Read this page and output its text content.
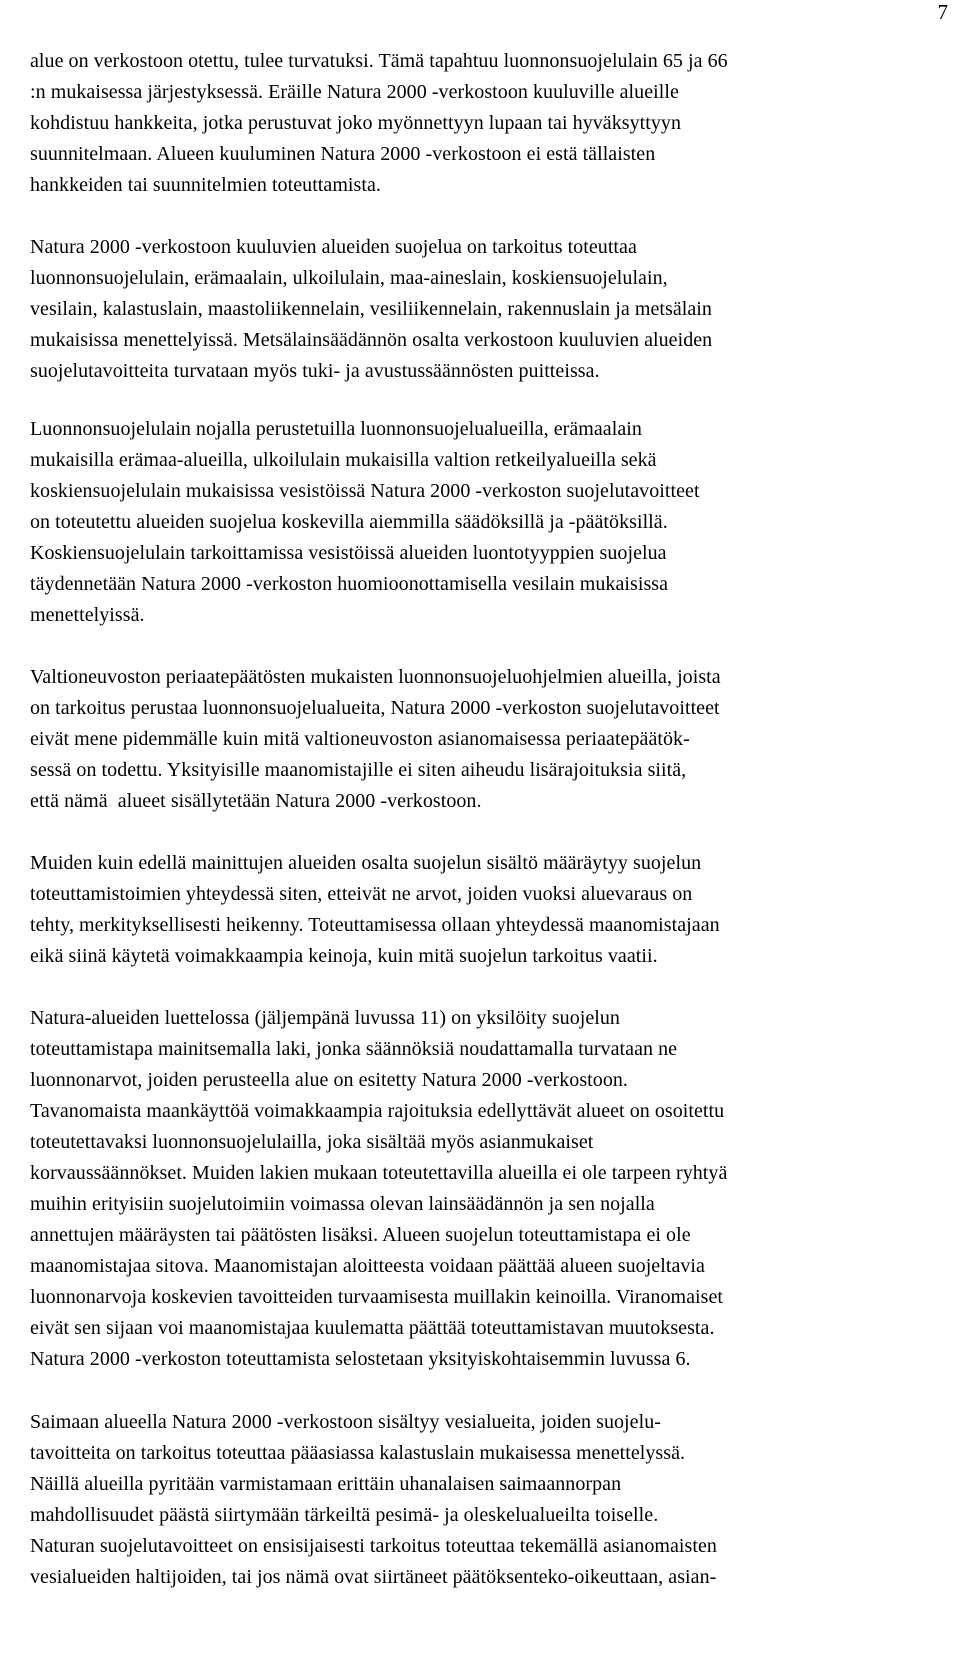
7
alue on verkostoon otettu, tulee turvatuksi. Tämä tapahtuu luonnonsuojelulain 65 ja 66
:n mukaisessa järjestyksessä. Eräille Natura 2000 -verkostoon kuuluville alueille
kohdistuu hankkeita, jotka perustuvat joko myönnettyyn lupaan tai hyväksyttyyn
suunnitelmaan. Alueen kuuluminen Natura 2000 -verkostoon ei estä tällaisten
hankkeiden tai suunnitelmien toteuttamista.
Natura 2000 -verkostoon kuuluvien alueiden suojelua on tarkoitus toteuttaa
luonnonsuojelulain, erämaalain, ulkoilulain, maa-aineslain, koskiensuojelulain,
vesilain, kalastuslain, maastoliikennelain, vesiliikennelain, rakennuslain ja metsälain
mukaisissa menettelyissä. Metsälainsäädännön osalta verkostoon kuuluvien alueiden
suojelutavoitteita turvataan myös tuki- ja avustussäännösten puitteissa.
Luonnonsuojelulain nojalla perustetuilla luonnonsuojelualueilla, erämaalain
mukaisilla erämaa-alueilla, ulkoilulain mukaisilla valtion retkeilyalueilla sekä
koskiensuojelulain mukaisissa vesistöissä Natura 2000 -verkoston suojelutavoitteet
on toteutettu alueiden suojelua koskevilla aiemmilla säädöksillä ja -päätöksillä.
Koskiensuojelulain tarkoittamissa vesistöissä alueiden luontotyyppien suojelua
täydennetään Natura 2000 -verkoston huomioonottamisella vesilain mukaisissa
menettelyissä.
Valtioneuvoston periaatepäätösten mukaisten luonnonsuojeluohjelmien alueilla, joista
on tarkoitus perustaa luonnonsuojelualueita, Natura 2000 -verkoston suojelutavoitteet
eivät mene pidemmälle kuin mitä valtioneuvoston asianomaisessa periaatepäätök-
sessä on todettu. Yksityisille maanomistajille ei siten aiheudu lisärajoituksia siitä,
että nämä  alueet sisällytetään Natura 2000 -verkostoon.
Muiden kuin edellä mainittujen alueiden osalta suojelun sisältö määräytyy suojelun
toteuttamistoimien yhteydessä siten, etteivät ne arvot, joiden vuoksi aluevaraus on
tehty, merkityksellisesti heikenny. Toteuttamisessa ollaan yhteydessä maanomistajaan
eikä siinä käytetä voimakkaampia keinoja, kuin mitä suojelun tarkoitus vaatii.
Natura-alueiden luettelossa (jäljempänä luvussa 11) on yksilöity suojelun
toteuttamistapa mainitsemalla laki, jonka säännöksiä noudattamalla turvataan ne
luonnonarvot, joiden perusteella alue on esitetty Natura 2000 -verkostoon.
Tavanomaista maankäyttöä voimakkaampia rajoituksia edellyttävät alueet on osoitettu
toteutettavaksi luonnonsuojelulailla, joka sisältää myös asianmukaiset
korvaussäännökset. Muiden lakien mukaan toteutettavilla alueilla ei ole tarpeen ryhtyä
muihin erityisiin suojelutoimiin voimassa olevan lainsäädännön ja sen nojalla
annettujen määräysten tai päätösten lisäksi. Alueen suojelun toteuttamistapa ei ole
maanomistajaa sitova. Maanomistajan aloitteesta voidaan päättää alueen suojeltavia
luonnonarvoja koskevien tavoitteiden turvaamisesta muillakin keinoilla. Viranomaiset
eivät sen sijaan voi maanomistajaa kuulematta päättää toteuttamistavan muutoksesta.
Natura 2000 -verkoston toteuttamista selostetaan yksityiskohtaisemmin luvussa 6.
Saimaan alueella Natura 2000 -verkostoon sisältyy vesialueita, joiden suojelu-
tavoitteita on tarkoitus toteuttaa pääasiassa kalastuslain mukaisessa menettelyssä.
Näillä alueilla pyritään varmistamaan erittäin uhanalaisen saimaannorpan
mahdollisuudet päästä siirtymään tärkeiltä pesimä- ja oleskelualueilta toiselle.
Naturan suojelutavoitteet on ensisijaisesti tarkoitus toteuttaa tekemällä asianomaisten
vesialueiden haltijoiden, tai jos nämä ovat siirtäneet päätöksenteko-oikeuttaan, asian-
